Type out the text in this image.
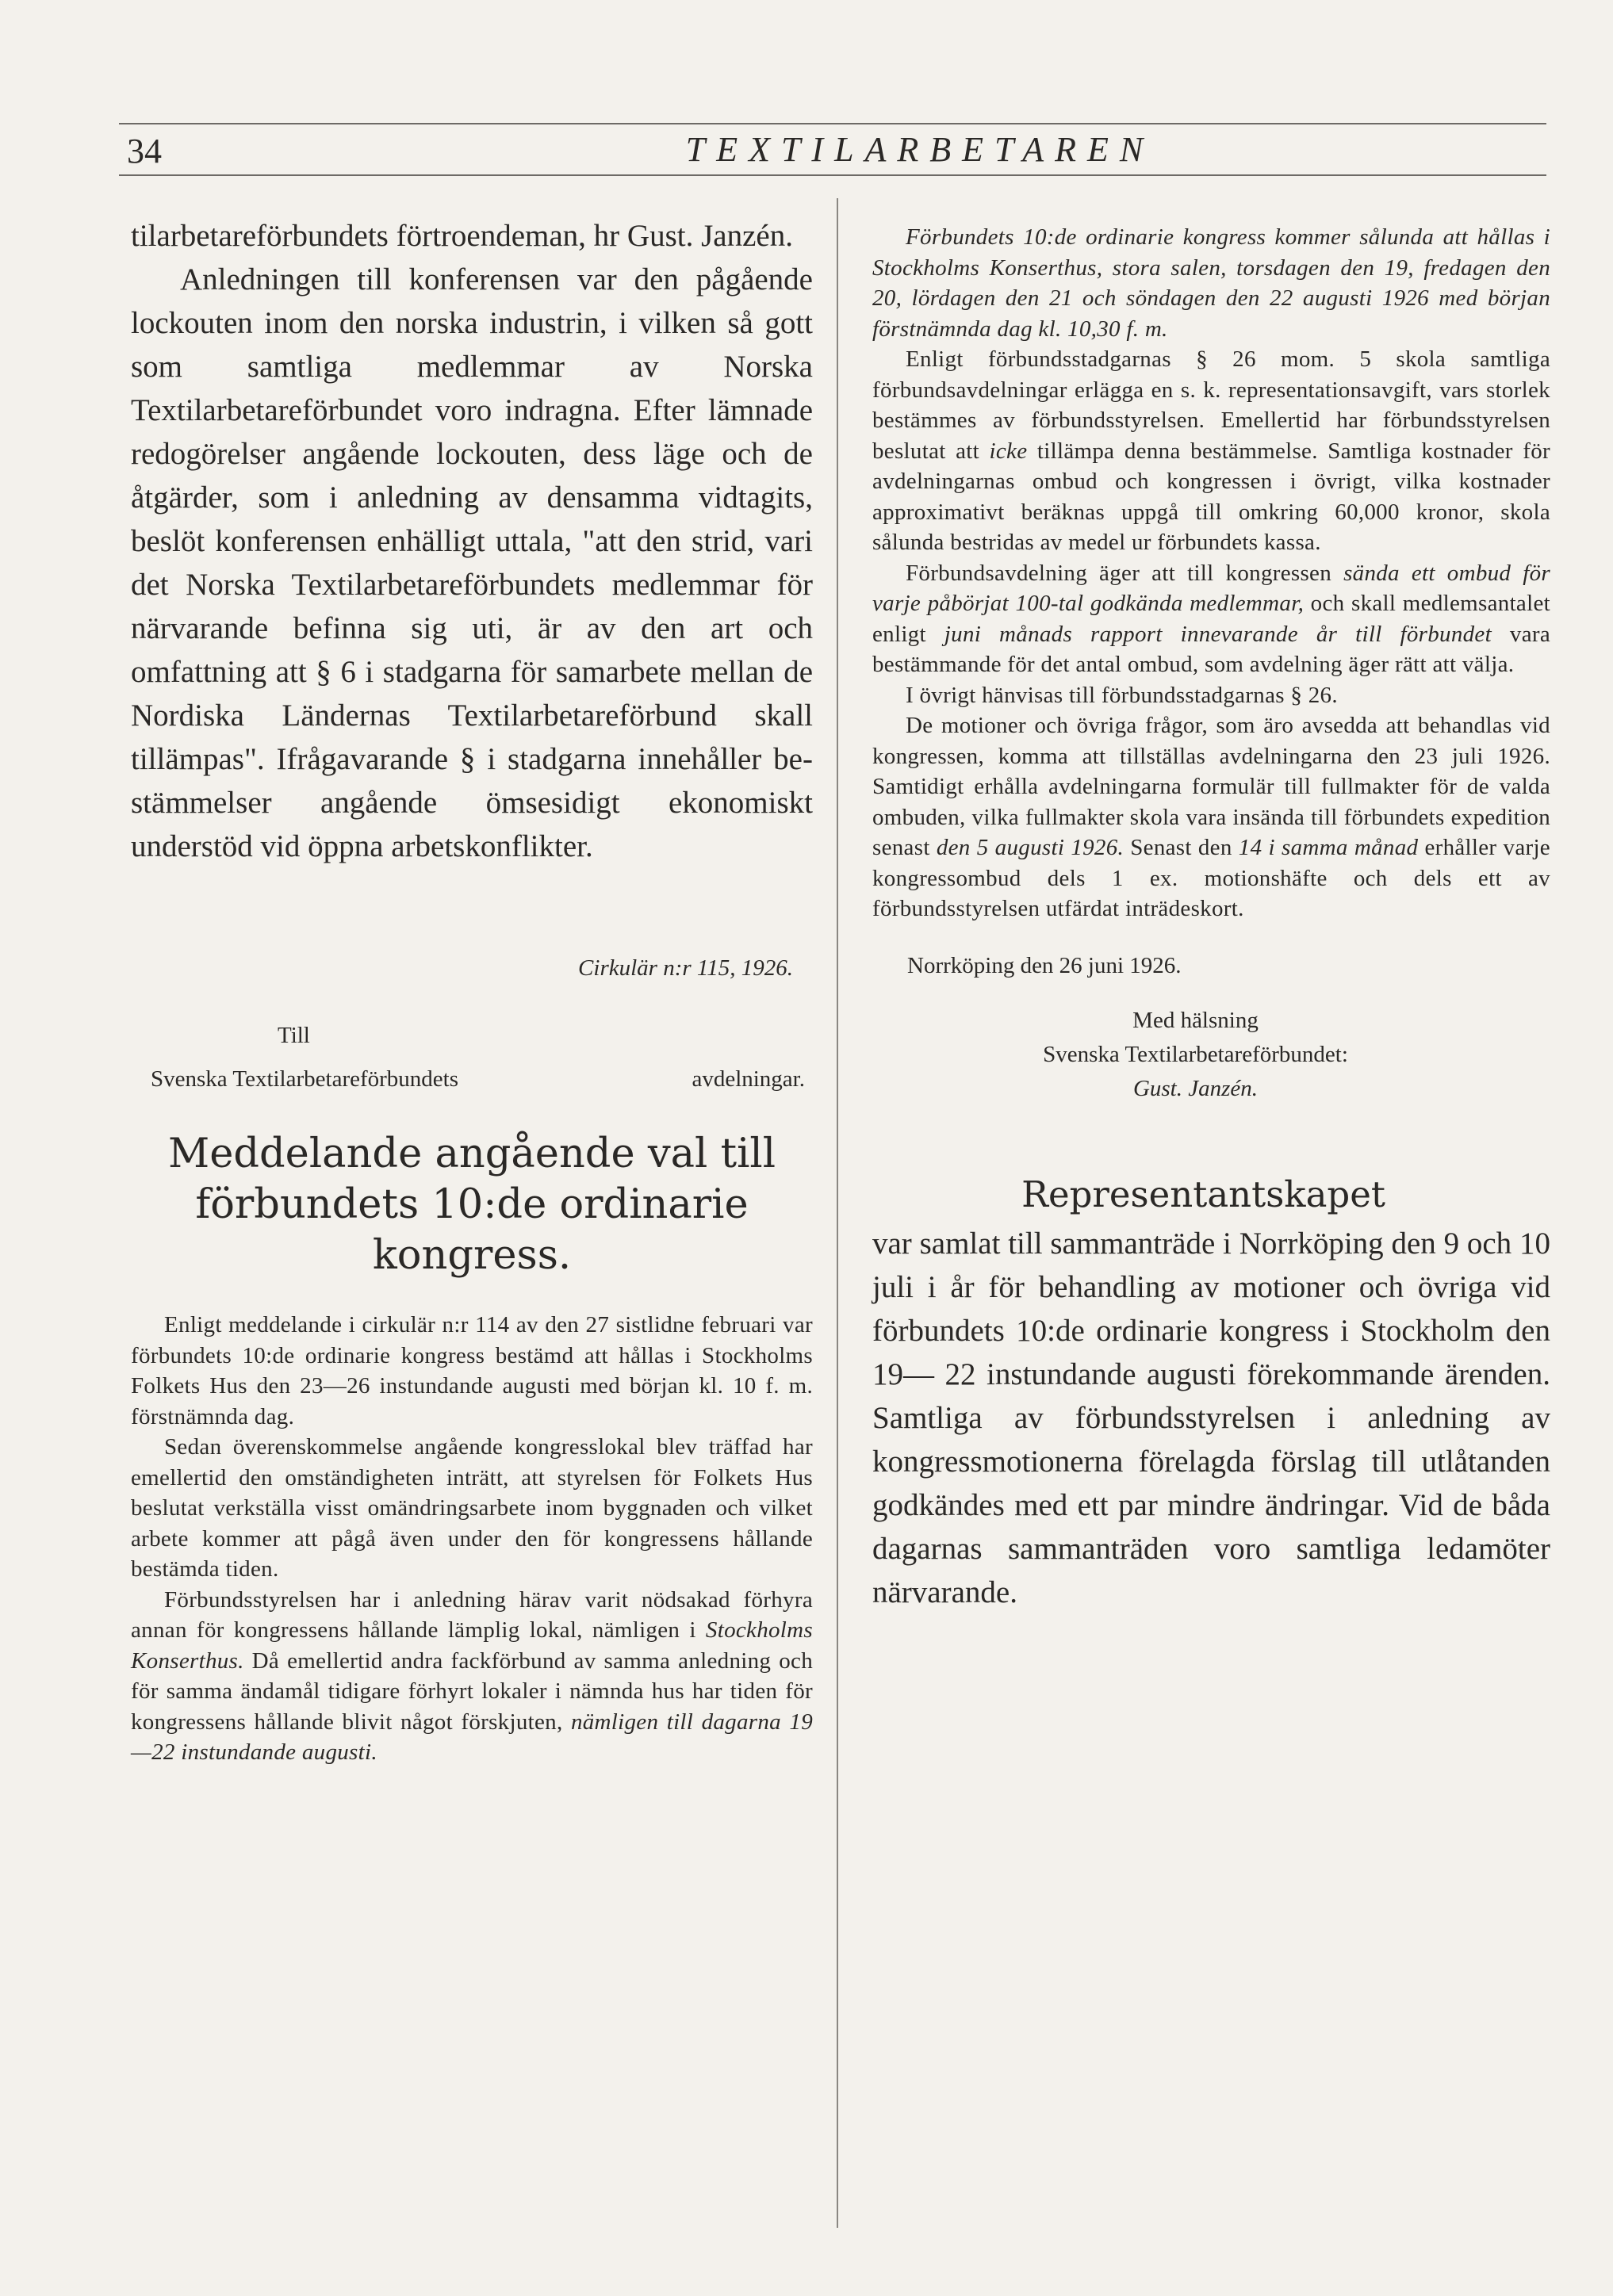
34	TEXTILARBETAREN

tilarbetareförbundets förtroendeman, hr Gust. Janzén.

Anledningen till konferensen var den pågående lockouten inom den norska industrin, i vilken så gott som samtliga medlemmar av Norska Textilarbetareförbundet voro indragna. Efter lämnade redogörelser angående lockouten, dess läge och de åtgärder, som i anledning av densamma vidtagits, beslöt konferensen enhälligt uttala, "att den strid, vari det Norska Textilarbetareförbundets medlemmar för närvarande befinna sig uti, är av den art och omfattning att § 6 i stadgarna för samarbete mellan de Nordiska Ländernas Textilarbetareförbund skall tillämpas". Ifrågavarande § i stadgarna innehåller bestämmelser angående ömsesidigt ekonomiskt understöd vid öppna arbetskonflikter.

Cirkulär n:r 115, 1926.
Till
Svenska Textilarbetareförbundets	avdelningar.
Meddelande angående val till förbundets 10:de ordinarie kongress.

Enligt meddelande i cirkulär n:r 114 av den 27 sistlidne februari var förbundets 10:de ordinarie kongress bestämd att hållas i Stockholms Folkets Hus den 23—26 instundande augusti med början kl. 10 f. m. förstnämnda dag.

Sedan överenskommelse angående kongresslokal blev träffad har emellertid den omständigheten inträtt, att styrelsen för Folkets Hus beslutat verkställa visst omändringsarbete inom byggnaden och vilket arbete kommer att pågå även under den för kongressens hållande bestämda tiden.

Förbundsstyrelsen har i anledning härav varit nödsakad förhyra annan för kongressens hållande lämplig lokal, nämligen i Stockholms Konserthus. Då emellertid andra fackförbund av samma anledning och för samma ändamål tidigare förhyrt lokaler i nämnda hus har tiden för kongressens hållande blivit något förskjuten, nämligen till dagarna 19—22 instundande augusti.

Förbundets 10:de ordinarie kongress kommer sålunda att hållas i Stockholms Konserthus, stora salen, torsdagen den 19, fredagen den 20, lördagen den 21 och söndagen den 22 augusti 1926 med början förstnämnda dag kl. 10,30 f. m.

Enligt förbundsstadgarnas § 26 mom. 5 skola samtliga förbundsavdelningar erlägga en s. k. representationsavgift, vars storlek bestämmes av förbundsstyrelsen. Emellertid har förbundsstyrelsen beslutat att icke tillämpa denna bestämmelse. Samtliga kostnader för avdelningarnas ombud och kongressen i övrigt, vilka kostnader approximativt beräknas uppgå till omkring 60,000 kronor, skola sålunda bestridas av medel ur förbundets kassa.

Förbundsavdelning äger att till kongressen sända ett ombud för varje påbörjat 100-tal godkända medlemmar, och skall medlemsantalet enligt juni månads rapport innevarande år till förbundet vara bestämmande för det antal ombud, som avdelning äger rätt att välja.

I övrigt hänvisas till förbundsstadgarnas § 26.

De motioner och övriga frågor, som äro avsedda att behandlas vid kongressen, komma att tillställas avdelningarna den 23 juli 1926. Samtidigt erhålla avdelningarna formulär till fullmakter för de valda ombuden, vilka fullmakter skola vara insända till förbundets expedition senast den 5 augusti 1926. Senast den 14 i samma månad erhåller varje kongressombud dels 1 ex. motionshäfte och dels ett av förbundsstyrelsen utfärdat inträdeskort.

Norrköping den 26 juni 1926.
Med hälsning
Svenska Textilarbetareförbundet:
Gust. Janzén.
Representantskapet

var samlat till sammanträde i Norrköping den 9 och 10 juli i år för behandling av motioner och övriga vid förbundets 10:de ordinarie kongress i Stockholm den 19— 22 instundande augusti förekommande ärenden. Samtliga av förbundsstyrelsen i anledning av kongressmotionerna förelagda förslag till utlåtanden godkändes med ett par mindre ändringar. Vid de båda dagarnas sammanträden voro samtliga ledamöter närvarande.
